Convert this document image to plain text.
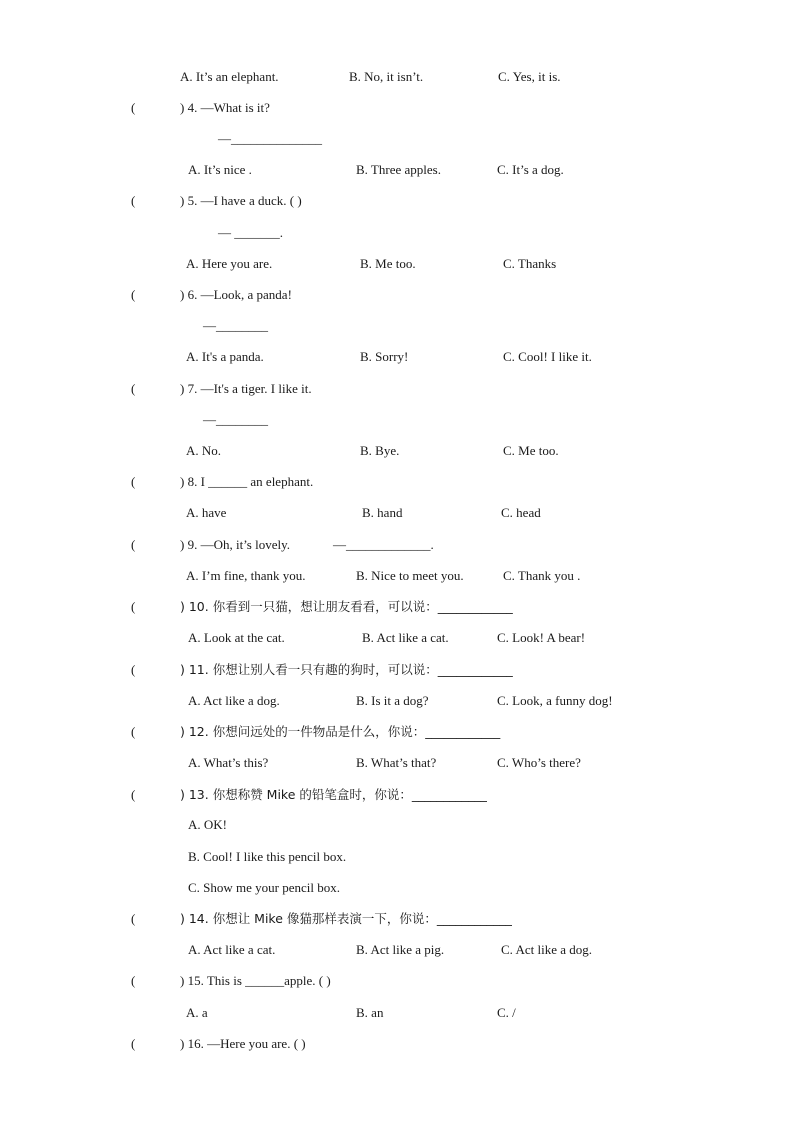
(
(
(
(
(
(
(
(
(
(
(
(
(
A. It’s an elephant.	B. No, it isn’t.	C. Yes, it is.
) 4. —What is it?
—______________
A. It’s nice .	B. Three apples.	C. It’s a dog.
) 5. —I have a duck. ( )
— _______.
A. Here you are.	B. Me too.	C. Thanks
) 6. —Look, a panda!
—________
A. It's a panda.	B. Sorry!	C. Cool! I like it.
) 7. —It's a tiger. I like it.
—________
A. No.	B. Bye.	C. Me too.
) 8. I ______ an elephant.
A. have	B. hand	C. head
) 9. —Oh, it’s lovely.	—_____________.
A. I’m fine, thank you.	B. Nice to meet you.	C. Thank you .
) 10. 你看到一只猫，想让朋友看看，可以说：____________
A. Look at the cat.	B. Act like a cat.	C. Look! A bear!
) 11. 你想让别人看一只有趣的狗时，可以说：____________
A. Act like a dog.	B. Is it a dog?	C. Look, a funny dog!
) 12. 你想问远处的一件物品是什么，你说：____________
A. What’s this?	B. What’s that?	C. Who’s there?
) 13. 你想称赞 Mike 的铅笔盒时，你说：____________
A. OK!
B. Cool! I like this pencil box.
C. Show me your pencil box.
) 14. 你想让 Mike 像猫那样表演一下，你说：____________
A. Act like a cat.	B. Act like a pig.	C. Act like a dog.
) 15. This is ______apple. ( )
A. a	B. an	C. /
) 16. —Here you are. ( )
